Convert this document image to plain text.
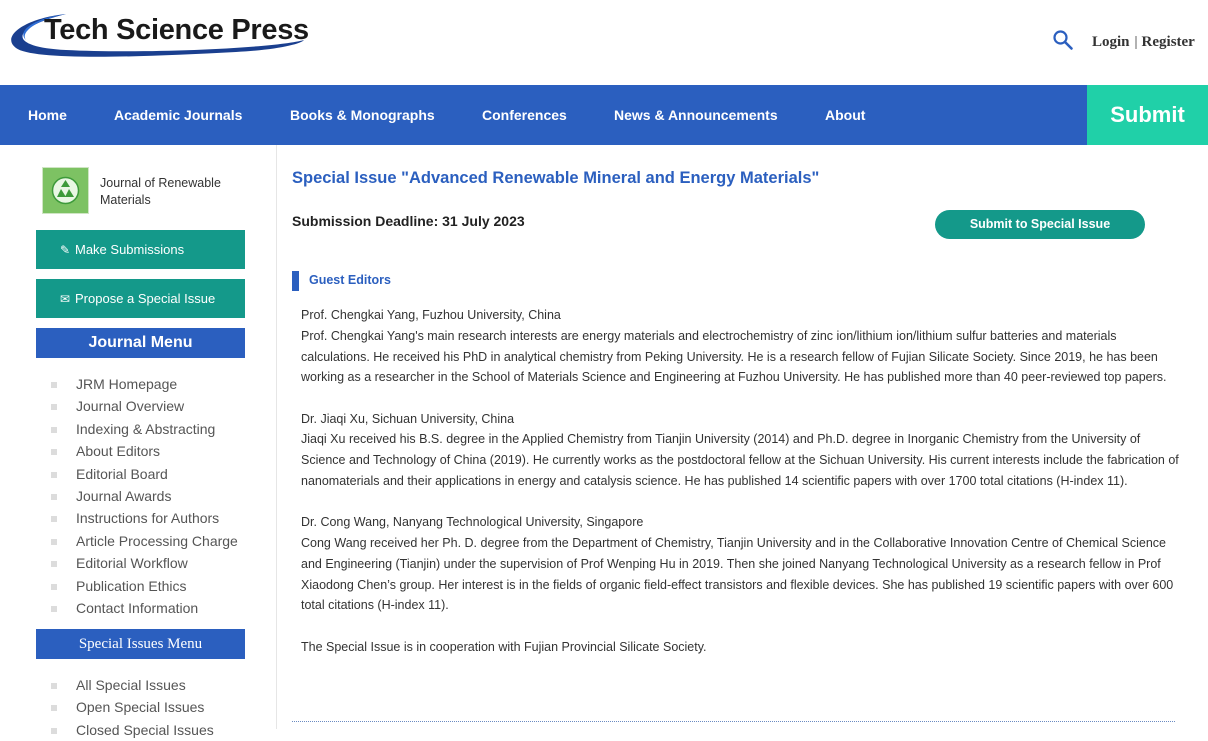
Tech Science Press	Login | Register
Home	Academic Journals	Books & Monographs	Conferences	News & Announcements	About	Submit
Journal of Renewable Materials
✎ Make Submissions
✉ Propose a Special Issue
Journal Menu
JRM Homepage
Journal Overview
Indexing & Abstracting
About Editors
Editorial Board
Journal Awards
Instructions for Authors
Article Processing Charge
Editorial Workflow
Publication Ethics
Contact Information
Special Issues Menu
All Special Issues
Open Special Issues
Closed Special Issues
Special Issue "Advanced Renewable Mineral and Energy Materials"
Submission Deadline: 31 July 2023	Submit to Special Issue
Guest Editors

Prof. Chengkai Yang, Fuzhou University, China

Prof. Chengkai Yang's main research interests are energy materials and electrochemistry of zinc ion/lithium ion/lithium sulfur batteries and materials calculations. He received his PhD in analytical chemistry from Peking University. He is a research fellow of Fujian Silicate Society. Since 2019, he has been working as a researcher in the School of Materials Science and Engineering at Fuzhou University. He has published more than 40 peer-reviewed top papers.

Dr. Jiaqi Xu, Sichuan University, China

Jiaqi Xu received his B.S. degree in the Applied Chemistry from Tianjin University (2014) and Ph.D. degree in Inorganic Chemistry from the University of Science and Technology of China (2019). He currently works as the postdoctoral fellow at the Sichuan University. His current interests include the fabrication of nanomaterials and their applications in energy and catalysis science. He has published 14 scientific papers with over 1700 total citations (H-index 11).

Dr. Cong Wang, Nanyang Technological University, Singapore

Cong Wang received her Ph. D. degree from the Department of Chemistry, Tianjin University and in the Collaborative Innovation Centre of Chemical Science and Engineering (Tianjin) under the supervision of Prof Wenping Hu in 2019. Then she joined Nanyang Technological University as a research fellow in Prof Xiaodong Chen’s group. Her interest is in the fields of organic field-effect transistors and flexible devices. She has published 19 scientific papers with over 600 total citations (H-index 11).

The Special Issue is in cooperation with Fujian Provincial Silicate Society.
